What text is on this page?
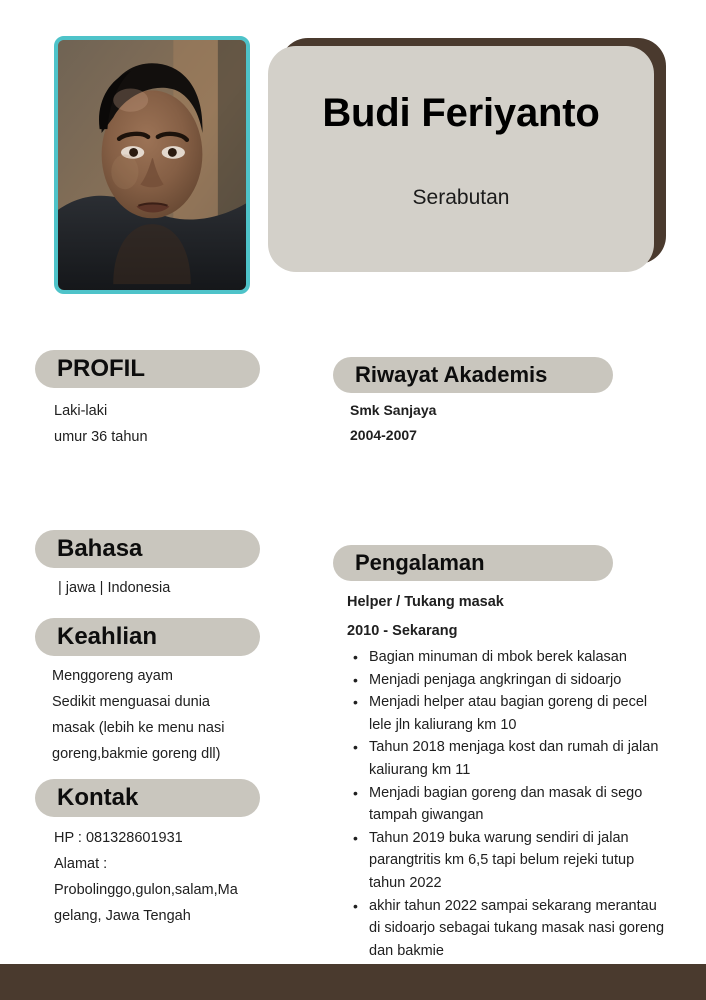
Budi Feriyanto
Serabutan
PROFIL
Laki-laki
umur 36 tahun
Bahasa
| jawa | Indonesia
Keahlian
Menggoreng ayam
Sedikit menguasai dunia
masak (lebih ke menu nasi
goreng,bakmie goreng dll)
Kontak
HP : 081328601931
Alamat :
Probolinggo,gulon,salam,Ma
gelang, Jawa Tengah
Riwayat Akademis
Smk Sanjaya
2004-2007
Pengalaman
Helper / Tukang masak
2010 - Sekarang
• Bagian minuman di mbok berek kalasan
• Menjadi penjaga angkringan di sidoarjo
• Menjadi helper atau bagian goreng di pecel lele jln kaliurang km 10
• Tahun 2018 menjaga kost dan rumah di jalan kaliurang km 11
• Menjadi bagian goreng dan masak di sego tampah giwangan
• Tahun 2019 buka warung sendiri di jalan parangtritis km 6,5 tapi belum rejeki tutup tahun 2022
• akhir tahun 2022 sampai sekarang merantau di sidoarjo sebagai tukang masak nasi goreng dan bakmie
